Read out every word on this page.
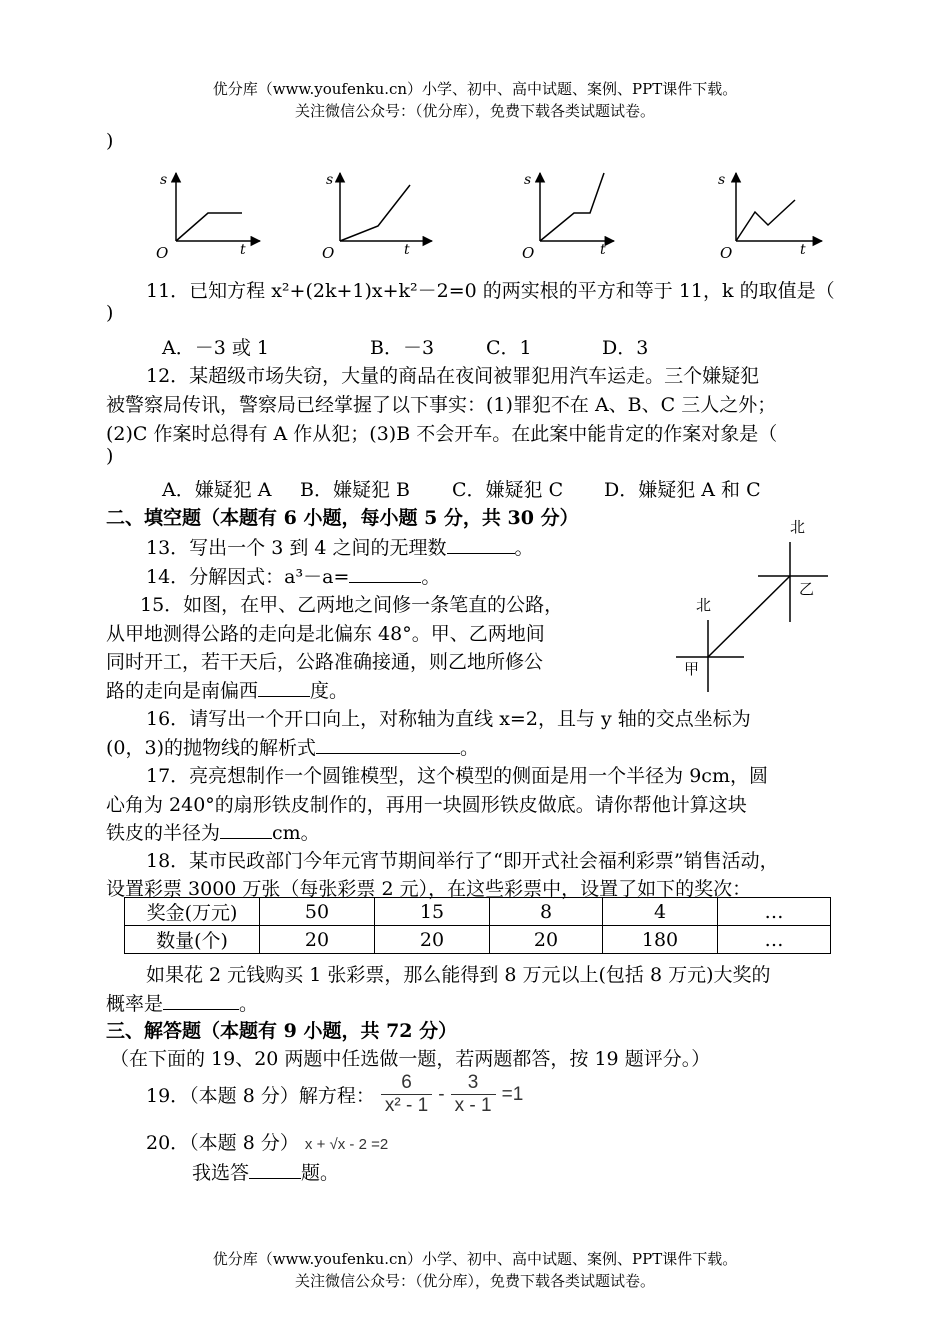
优分库（www.youfenku.cn）小学、初中、高中试题、案例、PPT课件下载。
关注微信公众号：（优分库），免费下载各类试题试卷。
)
s
t
O
s
t
O
s
t
O
s
t
O
11．已知方程 x²+(2k+1)x+k²－2=0 的两实根的平方和等于 11，k 的取值是（
)
A．－3 或 1	B．－3	C．1	D．3
12．某超级市场失窃，大量的商品在夜间被罪犯用汽车运走。三个嫌疑犯
被警察局传讯，警察局已经掌握了以下事实：(1)罪犯不在 A、B、C 三人之外；
(2)C 作案时总得有 A 作从犯；(3)B 不会开车。在此案中能肯定的作案对象是（
)
A．嫌疑犯 A B．嫌疑犯 B C．嫌疑犯 C D．嫌疑犯 A 和 C
二、填空题（本题有 6 小题，每小题 5 分，共 30 分）
13．写出一个 3 到 4 之间的无理数	。
14．分解因式：a³－a=	。
15．如图，在甲、乙两地之间修一条笔直的公路，
从甲地测得公路的走向是北偏东 48°。甲、乙两地间
同时开工，若干天后，公路准确接通，则乙地所修公
路的走向是南偏西	度。
北
北
乙
甲
16．请写出一个开口向上，对称轴为直线 x=2，且与 y 轴的交点坐标为
(0，3)的抛物线的解析式	。
17．亮亮想制作一个圆锥模型，这个模型的侧面是用一个半径为 9cm，圆
心角为 240°的扇形铁皮制作的，再用一块圆形铁皮做底。请你帮他计算这块
铁皮的半径为	cm。
18．某市民政部门今年元宵节期间举行了“即开式社会福利彩票”销售活动，
设置彩票 3000 万张（每张彩票 2 元），在这些彩票中，设置了如下的奖次：
奖金(万元)	50	15	8	4	…
数量(个)	20	20	20	180	…
如果花 2 元钱购买 1 张彩票，那么能得到 8 万元以上(包括 8 万元)大奖的
概率是	。
三、解答题（本题有 9 小题，共 72 分）
（在下面的 19、20 两题中任选做一题，若两题都答，按 19 题评分。）
19．（本题 8 分）解方程： $\frac{6}{\text{x² - 1}} - \frac{3}{x - 1} =1$
20．（本题 8 分） x + √x - 2 =2
我选答	题。
优分库（www.youfenku.cn）小学、初中、高中试题、案例、PPT课件下载。
关注微信公众号：（优分库），免费下载各类试题试卷。
